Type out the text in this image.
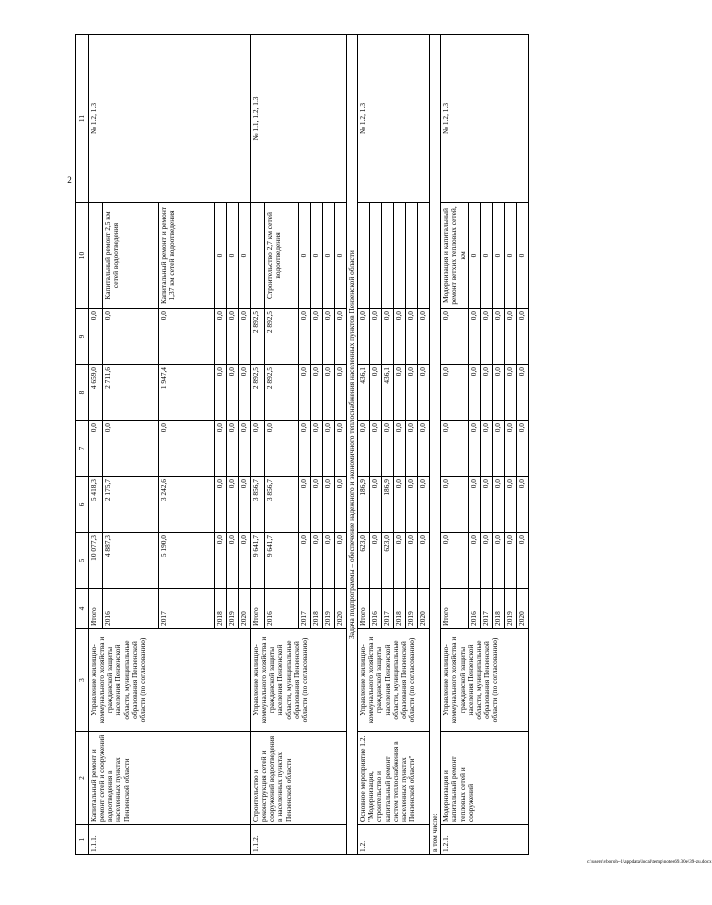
2
c:\users\vboroh~1\appdata\local\temp\notes69.30e\39-zu.docx
1	2	3	4	5	6	7	8	9	10	11
1.1.1.	Капитальный ремонт и ремонт сетей и сооружений водоотведения в населенных пунктах Пензенской области	Управление жилищно-коммунального хозяйства и гражданской защиты населения Пензенской области, муниципальные образования Пензенской области (по согласованию)	Итого	10 077,3	5 418,3	0,0	4 659,0	0,0		№ 1.2, 1.3
			2016	4 887,3	2 175,7	0,0	2 711,6	0,0	Капитальный ремонт 2,5 км сетей водоотведения	
			2017	5 190,0	3 242,6	0,0	1 947,4	0,0	Капитальный ремонт и ремонт 1,37 км сетей водоотведения	
			2018	0,0	0,0	0,0	0,0	0,0	0	
			2019	0,0	0,0	0,0	0,0	0,0	0	
			2020	0,0	0,0	0,0	0,0	0,0	0	
1.1.2.	Строительство и реконструкция сетей и сооружений водоотведения в населенных пунктах Пензенской области	Управление жилищно-коммунального хозяйства и гражданской защиты населения Пензенской области, муниципальные образования Пензенской области (по согласованию)	Итого	9 641,7	3 856,7	0,0	2 892,5	2 892,5		№ 1.1, 1.2, 1.3
			2016	9 641,7	3 856,7	0,0	2 892,5	2 892,5	Строительство 2,7 км сетей водоотведения	
			2017	0,0	0,0	0,0	0,0	0,0	0	
			2018	0,0	0,0	0,0	0,0	0,0	0	
			2019	0,0	0,0	0,0	0,0	0,0	0	
			2020	0,0	0,0	0,0	0,0	0,0	0	
Задача подпрограммы – обеспечение надежного и экономичного теплоснабжения населенных пунктов Пензенской области										
1.2.	Основное мероприятие 1.2. "Модернизация, строительство и капитальный ремонт систем теплоснабжения в населенных пунктах Пензенской области"	Управление жилищно-коммунального хозяйства и гражданской защиты населения Пензенской области, муниципальные образования Пензенской области (по согласованию)	Итого	623,0	186,9	0,0	436,1	0,0		№ 1.2, 1.3
			2016	0,0	0,0	0,0	0,0	0,0		
			2017	623,0	186,9	0,0	436,1	0,0		
			2018	0,0	0,0	0,0	0,0	0,0		
			2019	0,0	0,0	0,0	0,0	0,0		
			2020	0,0	0,0	0,0	0,0	0,0		
в том числе:										
1.2.1.	Модернизация и капитальный ремонт тепловых сетей и сооружений	Управление жилищно-коммунального хозяйства и гражданской защиты населения Пензенской области, муниципальные образования Пензенской области (по согласованию)	Итого	0,0	0,0	0,0	0,0	0,0	Модернизация и капитальный ремонт ветхих тепловых сетей, км	№ 1.2, 1.3
			2016	0,0	0,0	0,0	0,0	0,0	0	
			2017	0,0	0,0	0,0	0,0	0,0	0	
			2018	0,0	0,0	0,0	0,0	0,0	0	
			2019	0,0	0,0	0,0	0,0	0,0	0	
			2020	0,0	0,0	0,0	0,0	0,0	0	
